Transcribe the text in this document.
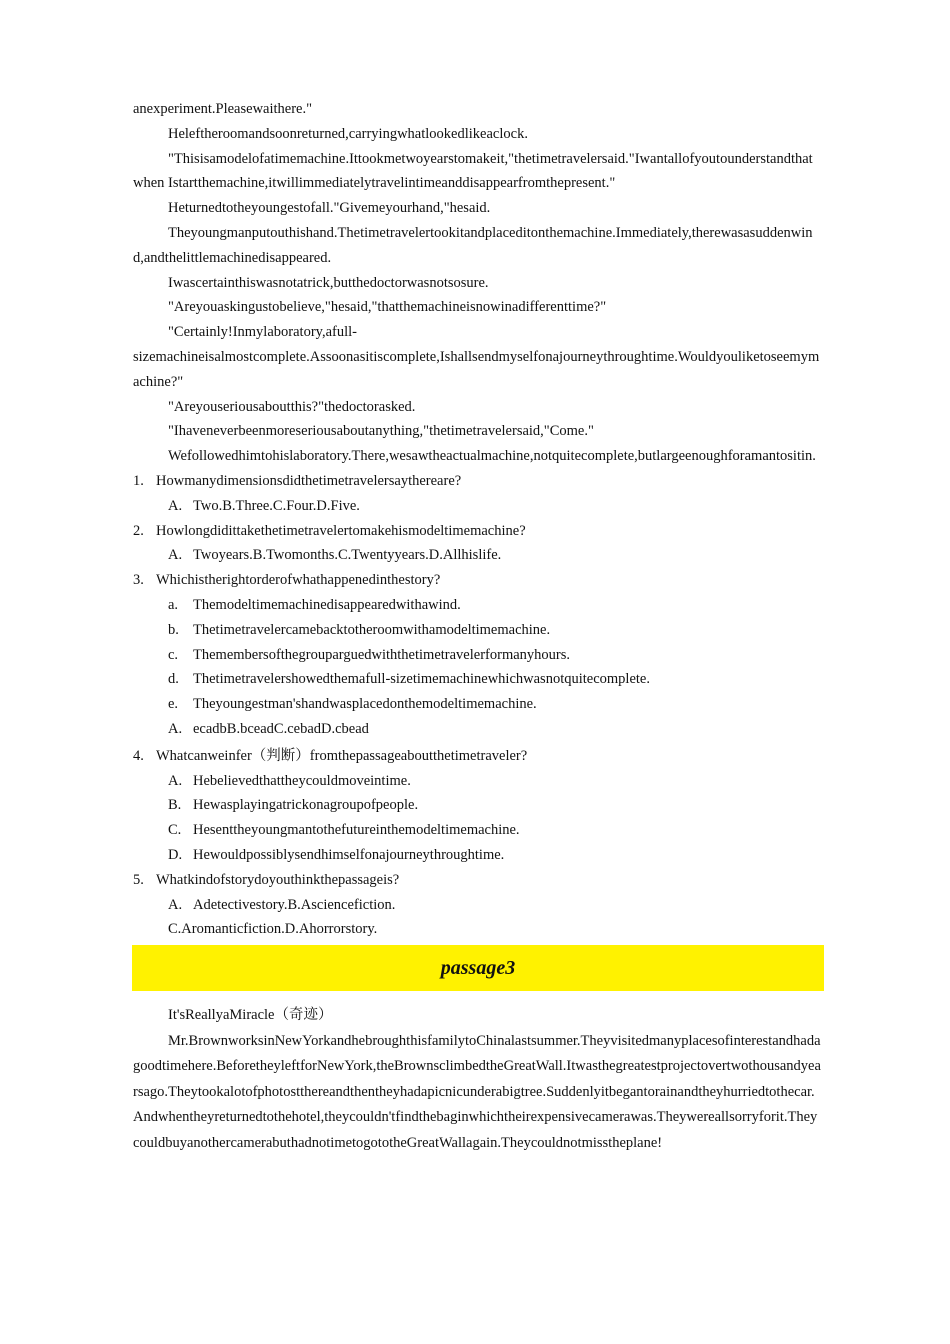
anexperiment.Pleasewaithere."

Heleftheroomandsoonreturned,carryingwhatlookedlikeaclock.

"Thisisamodelofatimemachine.Ittookmetwoyearstomakeit,"thetimetravelersaid."Iwantallofyoutounderstandthatwhen Istartthemachine,itwillimmediatelytravelintimeanddisappearfromthepresent."

Heturnedtotheyoungestofall."Givemeyourhand,"hesaid.

Theyoungmanputouthishand.Thetimetravelertookitandplaceditonthemachine.Immediately,therewasasuddenwind,andthelittlemachinedisappeared.

Iwascertainthiswasnotatrick,butthedoctorwasnotsosure.

"Areyouaskingustobelieve,"hesaid,"thatthemachineisnowinadifferenttime?"

"Certainly!Inmylaboratory,afull-

sizemachineisalmostcomplete.Assoonasitiscomplete,Ishallsendmyselfonajourneythroughtime.Wouldyouliketoseemymachine?"

"Areyouseriousaboutthis?"thedoctorasked.

"Ihaveneverbeenmoreseriousaboutanything,"thetimetravelersaid,"Come."

Wefollowedhimtohislaboratory.There,wesawtheactualmachine,notquitecomplete,butlargeenoughforamantositin.

1. Howmanydimensionsdidthetimetravelersaythereare?
A. Two.B.Three.C.Four.D.Five.
2. Howlongdidittakethetimetravelertomakehismodeltimemachine?
A. Twoyears.B.Twomonths.C.Twentyyears.D.Allhislife.
3. Whichistherightorderofwhathappenedinthestory?
a.	Themodeltimemachinedisappearedwithawind.
b. Thetimetravelercamebacktotheroomwithamodeltimemachine.
c.	Themembersofthegrouparguedwiththetimetravelerformanyhours.
d. Thetimetravelershowedthemafull-sizetimemachinewhichwasnotquitecomplete.
e.	Theyoungestman'shandwasplacedonthemodeltimemachine.
A. ecadbB.bceadC.cebadD.cbead
4. Whatcanweinfer（判断）fromthepassageaboutthetimetraveler?
A. Hebelievedthattheycouldmoveintime.
B. Hewasplayingatrickonagroupofpeople.
C. Hesenttheyoungmantothefutureinthemodeltimemachine.
D. Hewouldpossiblysendhimselfonajourneythroughtime.
5. Whatkindofstorydoyouthinkthepassageis?
A. Adetectivestory.B.Asciencefiction.

C.Aromanticfiction.D.Ahorrorstory.

passage3

It'sReallyaMiracle（奇迹）

Mr.BrownworksinNewYorkandhebroughthisfamilytoChinalastsummer.Theyvisitedmanyplacesofinterestandhadagoodtimehere.BeforetheyleftforNewYork,theBrownsclimbedtheGreatWall.Itwasthegreatestprojectovertwothousandyearsago.Theytookalotofphotostthereandthentheyhadapicnicunderabigtree.Suddenlyitbegantorainandtheyhurriedtothecar.Andwhentheyreturnedtothehotel,theycouldn'tfindthebaginwhichtheirexpensivecamerawas.Theywereallsorryforit.TheycouldbuyanothercamerabuthadnotimetogototheGreatWallagain.Theycouldnotmisstheplane!
